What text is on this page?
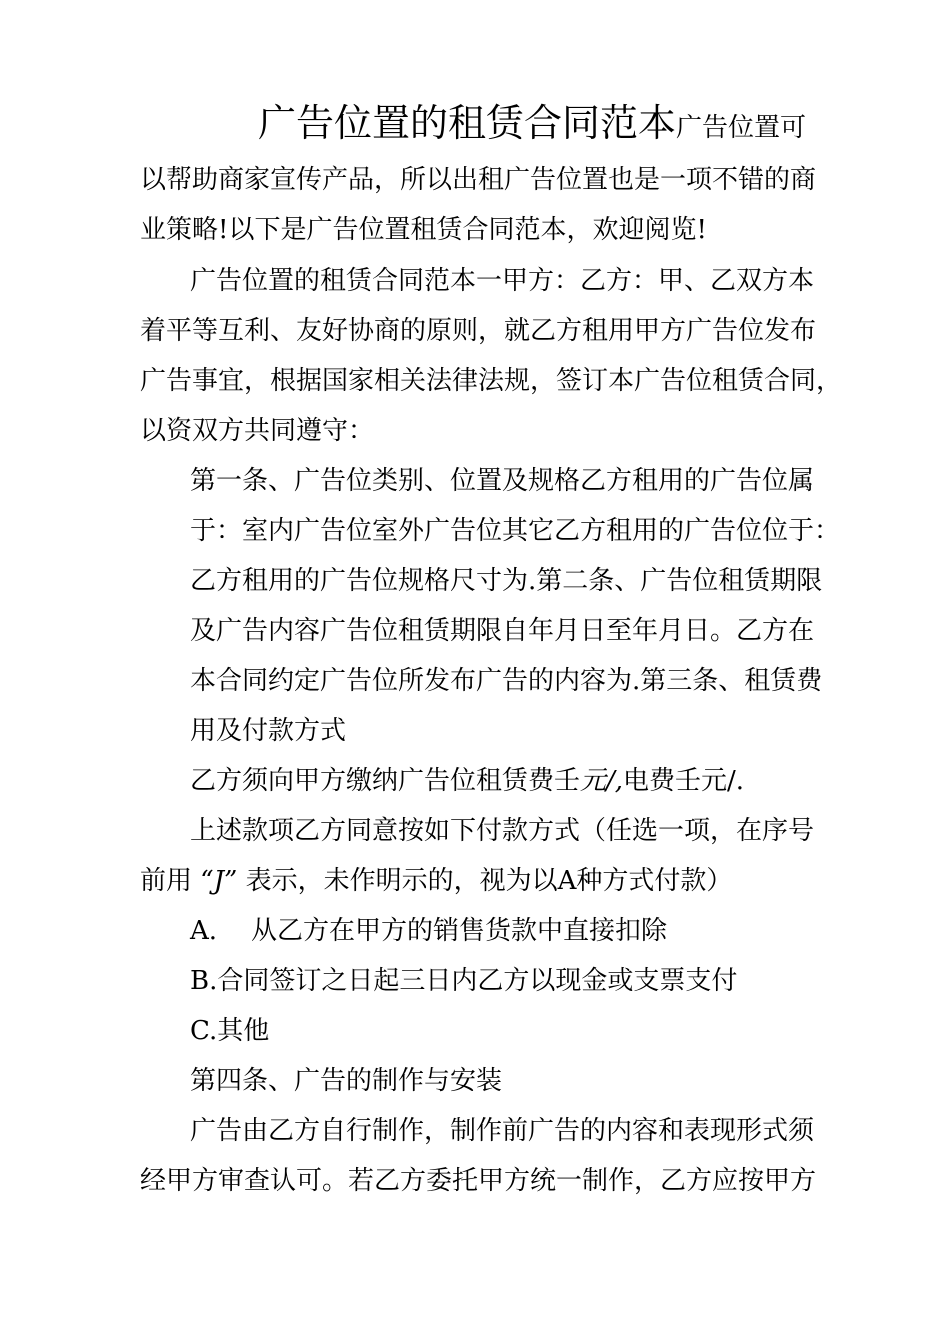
广告位置的租赁合同范本广告位置可
以帮助商家宣传产品，所以出租广告位置也是一项不错的商
业策略!以下是广告位置租赁合同范本，欢迎阅览!
广告位置的租赁合同范本一甲方：乙方：甲、乙双方本
着平等互利、友好协商的原则，就乙方租用甲方广告位发布
广告事宜，根据国家相关法律法规，签订本广告位租赁合同，
以资双方共同遵守：
第一条、广告位类别、位置及规格乙方租用的广告位属
于：室内广告位室外广告位其它乙方租用的广告位位于：
乙方租用的广告位规格尺寸为.第二条、广告位租赁期限
及广告内容广告位租赁期限自年月日至年月日。乙方在
本合同约定广告位所发布广告的内容为.第三条、租赁费
用及付款方式
乙方须向甲方缴纳广告位租赁费壬元/,电费壬元/.
上述款项乙方同意按如下付款方式（任选一项，在序号
前用 “J” 表示，未作明示的，视为以A种方式付款）
A. 从乙方在甲方的销售货款中直接扣除
B.合同签订之日起三日内乙方以现金或支票支付
C.其他
第四条、广告的制作与安装
广告由乙方自行制作，制作前广告的内容和表现形式须
经甲方审查认可。若乙方委托甲方统一制作，乙方应按甲方
